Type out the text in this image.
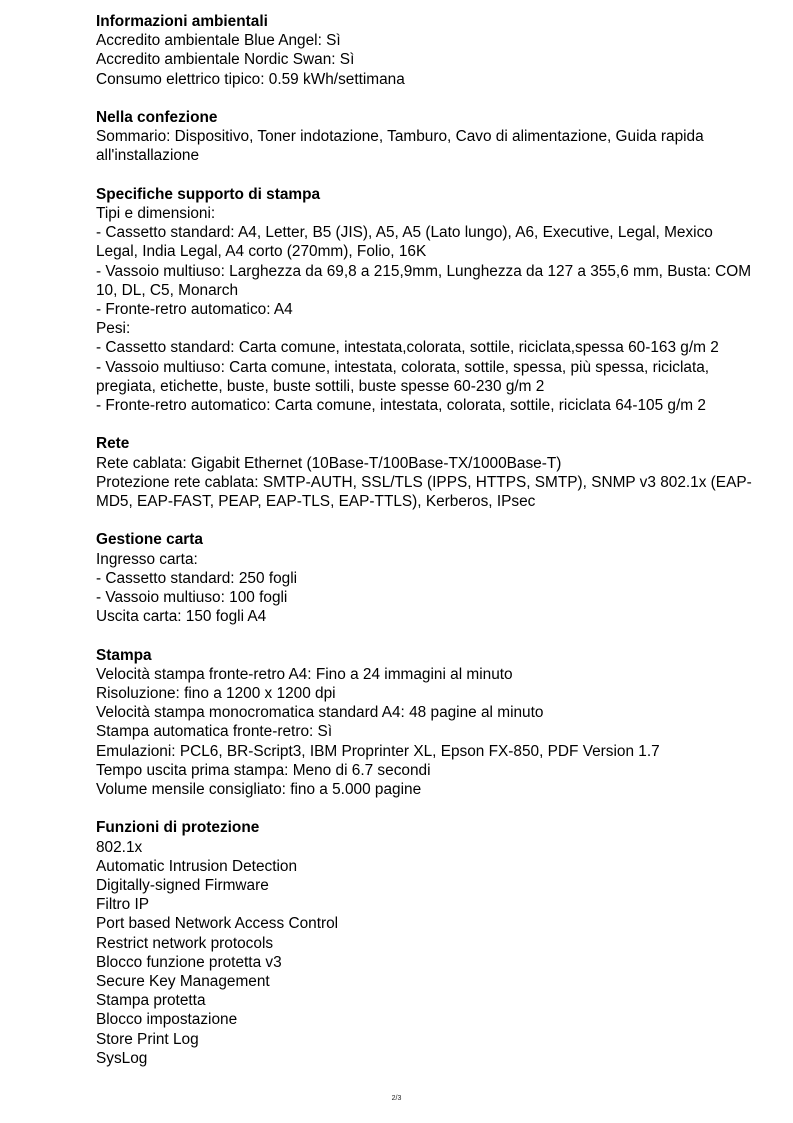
Informazioni ambientali
Accredito ambientale Blue Angel: Sì
Accredito ambientale Nordic Swan: Sì
Consumo elettrico tipico: 0.59 kWh/settimana
Nella confezione
Sommario: Dispositivo, Toner indotazione, Tamburo, Cavo di alimentazione, Guida rapida all'installazione
Specifiche supporto di stampa
Tipi e dimensioni:
- Cassetto standard: A4, Letter, B5 (JIS), A5, A5 (Lato lungo), A6, Executive, Legal, Mexico Legal, India Legal, A4 corto (270mm), Folio, 16K
- Vassoio multiuso: Larghezza da 69,8 a 215,9mm, Lunghezza da 127 a 355,6 mm, Busta: COM 10, DL, C5, Monarch
- Fronte-retro automatico: A4
Pesi:
- Cassetto standard: Carta comune, intestata,colorata, sottile, riciclata,spessa 60-163 g/m 2
- Vassoio multiuso: Carta comune, intestata, colorata, sottile, spessa, più spessa, riciclata, pregiata, etichette, buste, buste sottili, buste spesse 60-230 g/m 2
- Fronte-retro automatico: Carta comune, intestata, colorata, sottile, riciclata 64-105 g/m 2
Rete
Rete cablata: Gigabit Ethernet (10Base-T/100Base-TX/1000Base-T)
Protezione rete cablata: SMTP-AUTH, SSL/TLS (IPPS, HTTPS, SMTP), SNMP v3 802.1x (EAP-MD5, EAP-FAST, PEAP, EAP-TLS, EAP-TTLS), Kerberos, IPsec
Gestione carta
Ingresso carta:
- Cassetto standard: 250 fogli
- Vassoio multiuso: 100 fogli
Uscita carta: 150 fogli A4
Stampa
Velocità stampa fronte-retro A4: Fino a 24 immagini al minuto
Risoluzione: fino a 1200 x 1200 dpi
Velocità stampa monocromatica standard A4: 48 pagine al minuto
Stampa automatica fronte-retro: Sì
Emulazioni: PCL6, BR-Script3, IBM Proprinter XL, Epson FX-850, PDF Version 1.7
Tempo uscita prima stampa: Meno di 6.7 secondi
Volume mensile consigliato: fino a 5.000 pagine
Funzioni di protezione
802.1x
Automatic Intrusion Detection
Digitally-signed Firmware
Filtro IP
Port based Network Access Control
Restrict network protocols
Blocco funzione protetta v3
Secure Key Management
Stampa protetta
Blocco impostazione
Store Print Log
SysLog
2/3
